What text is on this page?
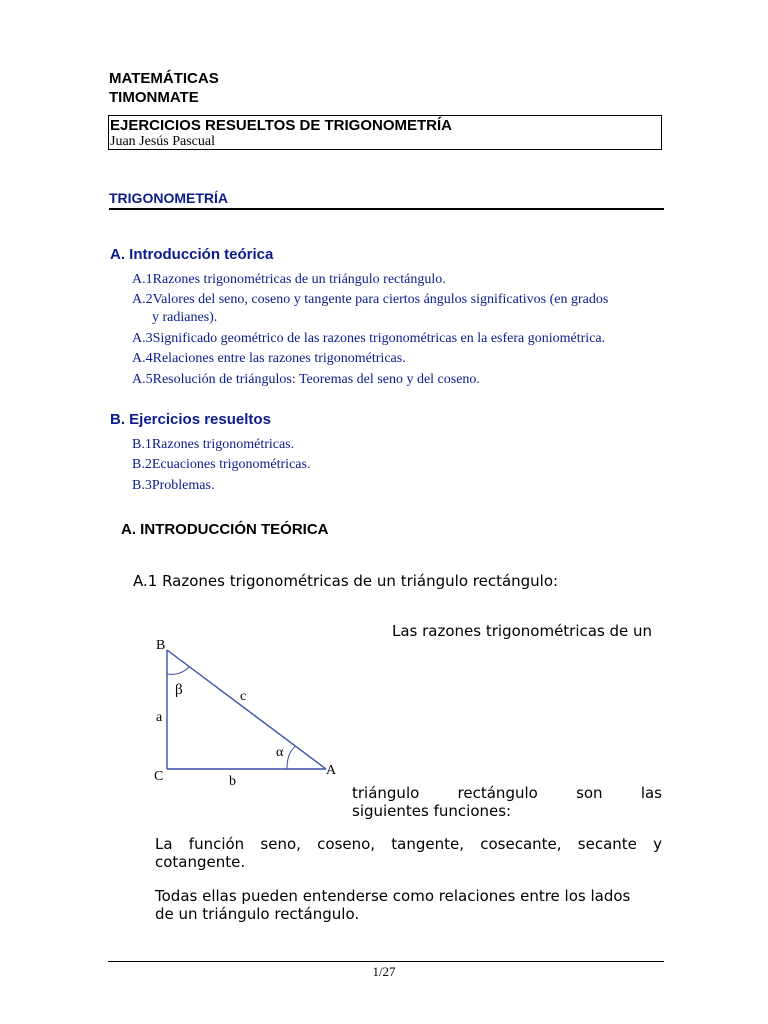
MATEMÁTICAS
TIMONMATE
EJERCICIOS RESUELTOS DE TRIGONOMETRÍA
Juan Jesús Pascual
TRIGONOMETRÍA
A. Introducción teórica
A.1Razones trigonométricas de un triángulo rectángulo.
A.2Valores del seno, coseno y tangente para ciertos ángulos significativos (en grados
y radianes).
A.3Significado geométrico de las razones trigonométricas en la esfera goniométrica.
A.4Relaciones entre las razones trigonométricas.
A.5Resolución de triángulos: Teoremas del seno y del coseno.
B. Ejercicios resueltos
B.1Razones trigonométricas.
B.2Ecuaciones trigonométricas.
B.3Problemas.
A. INTRODUCCIÓN TEÓRICA
A.1 Razones trigonométricas de un triángulo rectángulo:
B
β	c
a
α
A
C	b
Las razones trigonométricas de un
triángulo rectángulo son las
siguientes funciones:
La función seno, coseno, tangente, cosecante, secante y
cotangente.
Todas ellas pueden entenderse como relaciones entre los lados
de un triángulo rectángulo.
1/27
